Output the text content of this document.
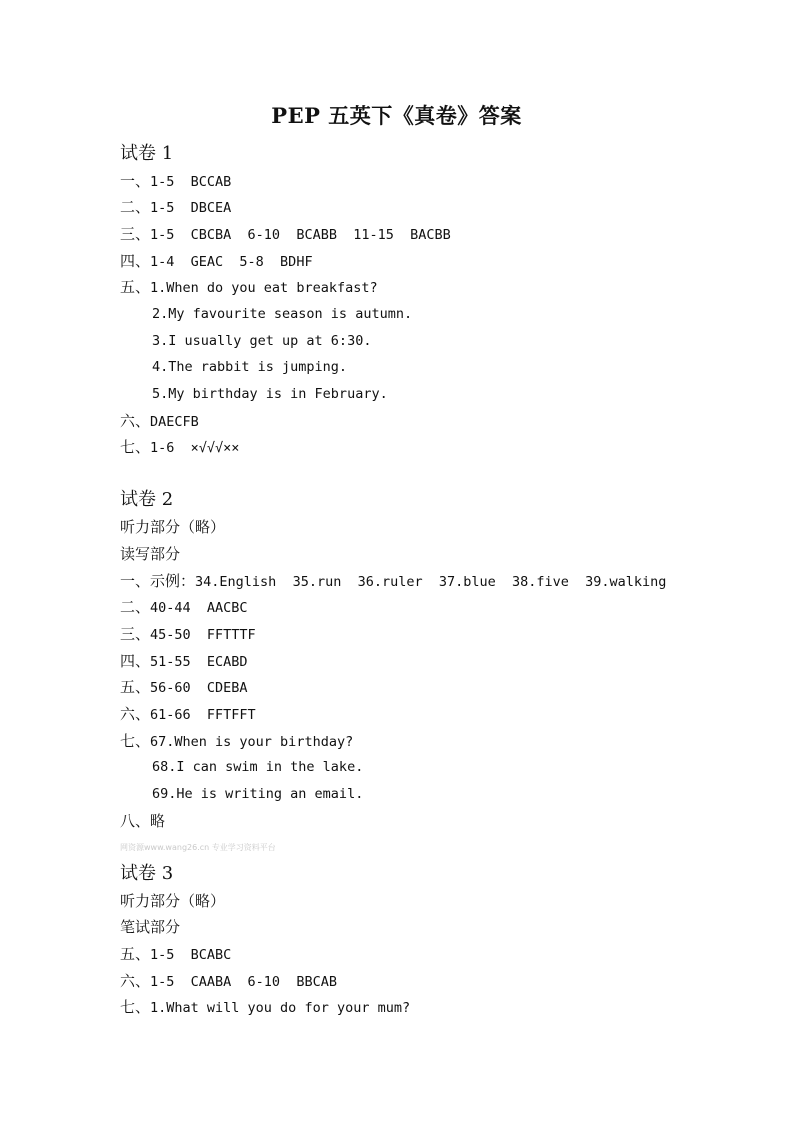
PEP 五英下《真卷》答案
试卷 1
一、1-5  BCCAB
二、1-5  DBCEA
三、1-5  CBCBA  6-10  BCABB  11-15  BACBB
四、1-4  GEAC  5-8  BDHF
五、1.When do you eat breakfast?
2.My favourite season is autumn.
3.I usually get up at 6:30.
4.The rabbit is jumping.
5.My birthday is in February.
六、DAECFB
七、1-6  ×√√√××
试卷 2
听力部分（略）
读写部分
一、示例：34.English  35.run  36.ruler  37.blue  38.five  39.walking
二、40-44  AACBC
三、45-50  FFTTTF
四、51-55  ECABD
五、56-60  CDEBA
六、61-66  FFTFFT
七、67.When is your birthday?
68.I can swim in the lake.
69.He is writing an email.
八、略
网资源www.wang26.cn 专业学习资料平台
试卷 3
听力部分（略）
笔试部分
五、1-5  BCABC
六、1-5  CAABA  6-10  BBCAB
七、1.What will you do for your mum?
